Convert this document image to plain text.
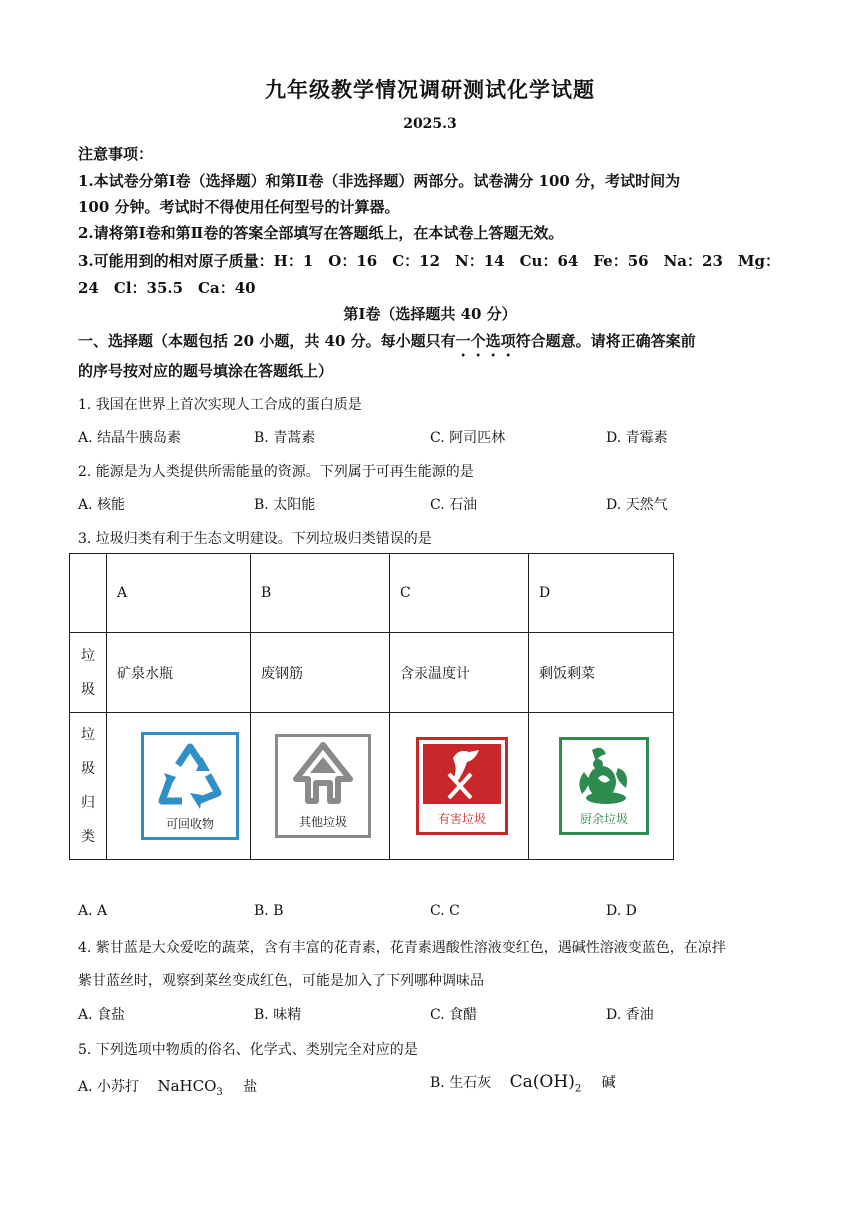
九年级教学情况调研测试化学试题
2025.3
注意事项：
1.本试卷分第Ⅰ卷（选择题）和第Ⅱ卷（非选择题）两部分。试卷满分 100 分，考试时间为
100 分钟。考试时不得使用任何型号的计算器。
2.请将第Ⅰ卷和第Ⅱ卷的答案全部填写在答题纸上，在本试卷上答题无效。
3.可能用到的相对原子质量：H：1　O：16　C：12　N：14　Cu：64　Fe：56　Na：23　Mg：
24　Cl：35.5　Ca：40
第Ⅰ卷（选择题共 40 分）
一、选择题（本题包括 20 小题，共 40 分。每小题只有一个选项符合题意。请将正确答案前
的序号按对应的题号填涂在答题纸上）
1. 我国在世界上首次实现人工合成的蛋白质是
A. 结晶牛胰岛素	B. 青蒿素	C. 阿司匹林	D. 青霉素
2. 能源是为人类提供所需能量的资源。下列属于可再生能源的是
A. 核能	B. 太阳能	C. 石油	D. 天然气
3. 垃圾归类有利于生态文明建设。下列垃圾归类错误的是
	A	B	C	D

垃
圾	矿泉水瓶	废钢筋	含汞温度计	剩饭剩菜

垃
圾
归
类	可回收物	其他垃圾	有害垃圾	厨余垃圾
A. A	B. B	C. C	D. D
4. 紫甘蓝是大众爱吃的蔬菜，含有丰富的花青素，花青素遇酸性溶液变红色，遇碱性溶液变蓝色，在凉拌
紫甘蓝丝时，观察到菜丝变成红色，可能是加入了下列哪种调味品
A. 食盐	B. 味精	C. 食醋	D. 香油
5. 下列选项中物质的俗名、化学式、类别完全对应的是
A. 小苏打 NaHCO$_3$ 盐	B. 生石灰 $Ca(OH)_2$ 碱
